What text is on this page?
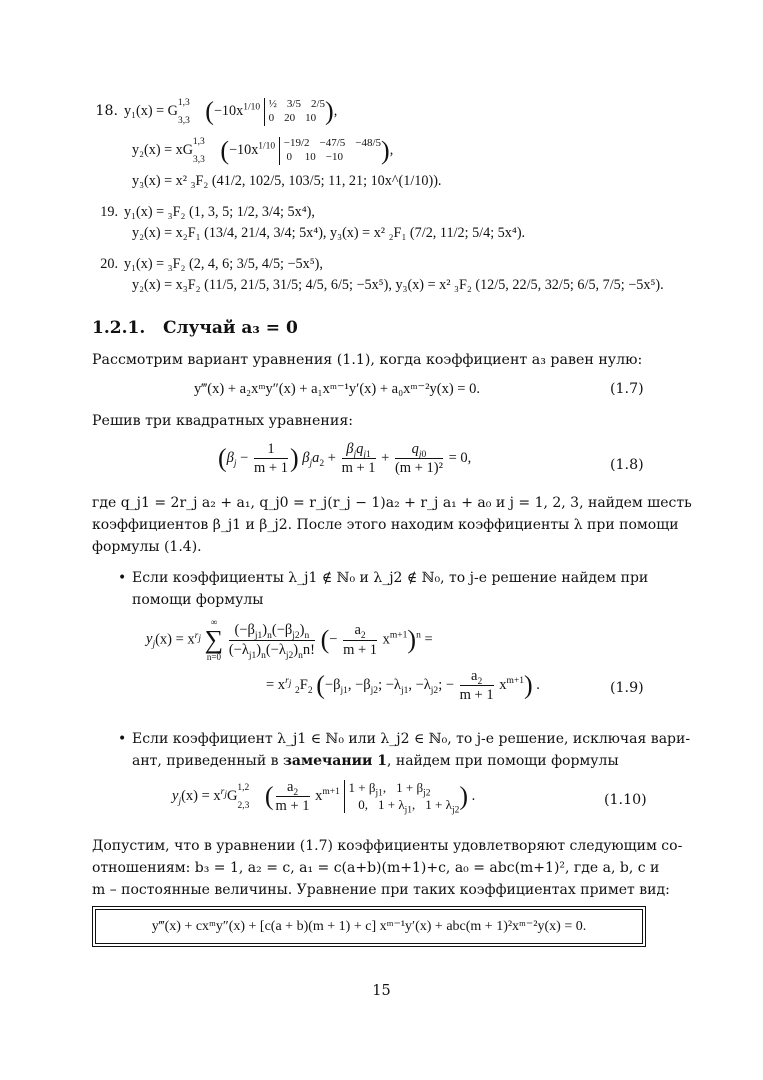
18. $y_1(x) = G_{3,3}^{1,3}$ ($-10x^{1/10}$ ½ 3/5 2/5
0 20 10 ),
$y_2(x) = xG_{3,3}^{1,3}$ ($-10x^{1/10} -19/2 -47/5 -48/5$
0 10 −10 ),
y₃(x) = x² ₃F₂ (41/2, 102/5, 103/5; 11, 21; 10x^(1/10)).
19. y₁(x) = ₃F₂ (1, 3, 5; 1/2, 3/4; 5x⁴),
y₂(x) = x₂F₁ (13/4, 21/4, 3/4; 5x⁴), y₃(x) = x² ₂F₁ (7/2, 11/2; 5/4; 5x⁴).
20. y₁(x) = ₃F₂ (2, 4, 6; 3/5, 4/5; −5x⁵),
y₂(x) = x₃F₂ (11/5, 21/5, 31/5; 4/5, 6/5; −5x⁵), y₃(x) = x² ₃F₂ (12/5, 22/5, 32/5; 6/5, 7/5; −5x⁵).
1.2.1. Случай a₃ = 0
Рассмотрим вариант уравнения (1.1), когда коэффициент a₃ равен нулю:
y‴(x) + a₂xᵐy″(x) + a₁xᵐ⁻¹y′(x) + a₀xᵐ⁻²y(x) = 0.	(1.7)
Решив три квадратных уравнения:
($\beta_j - \frac{1}{m + 1}$ ) $\beta_ja_2$ +
$\beta_jq_{j1}$
m + 1
+ $\frac{q_{j0}}{\text{(m + 1)²}} = 0$,	(1.8)
где q_j1 = 2r_j a₂ + a₁, q_j0 = r_j(r_j − 1)a₂ + r_j a₁ + a₀ и j = 1, 2, 3, найдем шесть
коэффициентов β_j1 и β_j2. После этого находим коэффициенты λ при помощи
формулы (1.4).
• Если коэффициенты λ_j1 ∉ ℕ₀ и λ_j2 ∉ ℕ₀, то j-е решение найдем при
помощи формулы
$y_j(x) = x^{r_j}$
∞
∑
n=0
$\frac{(-\beta_{j1})_n(-\beta_{j2})_n}{(-\lambda_{j1})_n(-\lambda_{j2})_nn!}$ (− $\frac{a_2}{m + 1} x^{m+1})^n$ =
= $x^{r_j}$ $_2F_2$ ($-\beta_{j1}$, $-\beta_{j2}$; $-\lambda_{j1}$, $-\lambda_{j2}$; − $\frac{a_2}{m + 1} x^{m+1}$) .	(1.9)
• Если коэффициент λ_j1 ∈ ℕ₀ или λ_j2 ∈ ℕ₀, то j-е решение, исключая вари-
ант, приведенный в замечании 1, найдем при помощи формулы
$y_j(x) = x^{r_j}G_{2,3}^{1,2}$ ( $\frac{a_2}{m + 1} x^{m+1}$ $1 + \beta_{j1}$, $1 + \beta_{j2}$
0, $1 + \lambda_{j1}$, $1 + \lambda_{j2}$ ) .	(1.10)
Допустим, что в уравнении (1.7) коэффициенты удовлетворяют следующим со-
отношениям: b₃ = 1, a₂ = c, a₁ = c(a+b)(m+1)+c, a₀ = abc(m+1)², где a, b, c и
m – постоянные величины. Уравнение при таких коэффициентах примет вид:
y‴(x) + cxᵐy″(x) + [c(a + b)(m + 1) + c] xᵐ⁻¹y′(x) + abc(m + 1)²xᵐ⁻²y(x) = 0.
15
